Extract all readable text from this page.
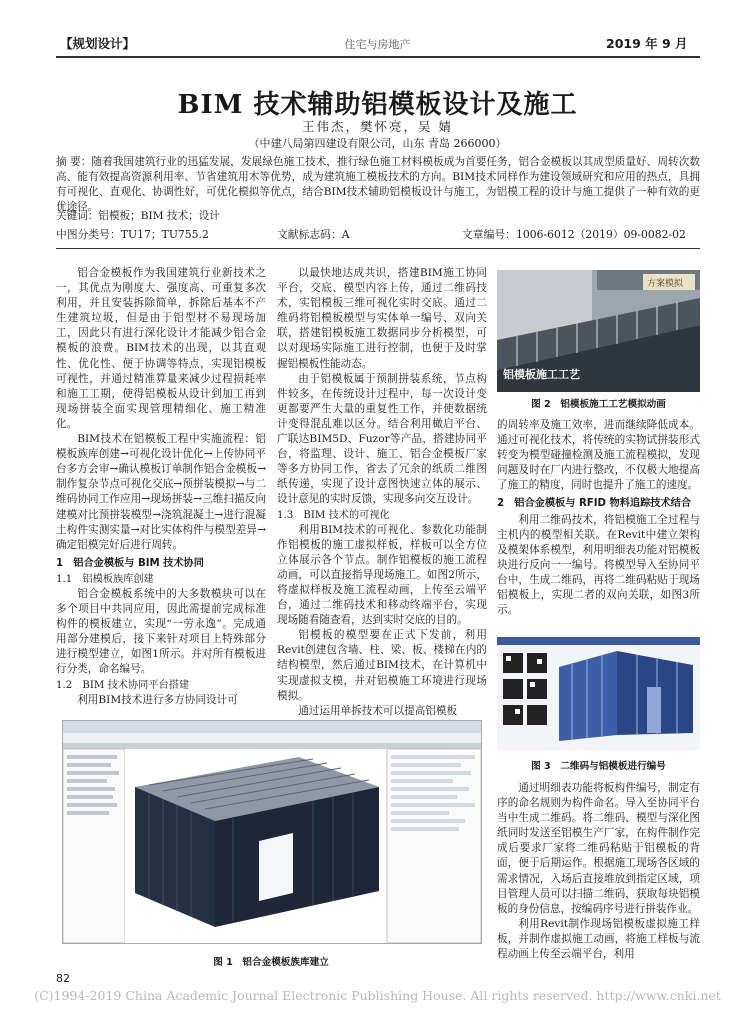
【规划设计】	住宅与房地产	2019 年 9 月
BIM 技术辅助铝模板设计及施工
王伟杰，樊怀亮，吴 婧
（中建八局第四建设有限公司，山东 青岛 266000）
摘 要：随着我国建筑行业的迅猛发展，发展绿色施工技术，推行绿色施工材料模板成为首要任务，铝合金模板以其成型质量好、周转次数高、能有效提高资源利用率、节省建筑用木等优势，成为建筑施工模板技术的方向。BIM技术同样作为建设领域研究和应用的热点，具拥有可视化、直观化、协调性好，可优化模拟等优点，结合BIM技术辅助铝模板设计与施工，为铝模工程的设计与施工提供了一种有效的更优途径。
关键词：铝模板；BIM 技术；设计
中图分类号：TU17；TU755.2	文献标志码：A	文章编号：1006-6012（2019）09-0082-02

铝合金模板作为我国建筑行业新技术之一，其优点为刚度大、强度高、可重复多次利用，并且安装拆除简单，拆除后基本不产生建筑垃圾，但是由于铝型材不易现场加工，因此只有进行深化设计才能减少铝合金模板的浪费。BIM技术的出现，以其直观性、优化性、便于协调等特点，实现铝模板可视性，并通过精准算量来减少过程损耗率和施工工期，使得铝模板从设计到加工再到现场拼装全面实现管理精细化、施工精准化。

BIM技术在铝模板工程中实施流程：铝模板族库创建→可视化设计优化→上传协同平台多方会审→确认模板订单制作铝合金模板→制作复杂节点可视化交底→预拼装模拟→与二维码协同工作应用→现场拼装→三维扫描反向建模对比预拼装模型→浇筑混凝土→进行混凝土构件实测实量→对比实体构件与模型差异→确定铝模完好后进行周转。

1　铝合金模板与 BIM 技术协同

1.1　铝模板族库创建

铝合金模板系统中的大多数模块可以在多个项目中共同应用，因此需提前完成标准构件的模板建立，实现“一劳永逸”。完成通用部分建模后，接下来针对项目上特殊部分进行模型建立，如图1所示。并对所有模板进行分类，命名编号。

1.2　BIM 技术协同平台搭建

利用BIM技术进行多方协同设计可

以最快地达成共识，搭建BIM施工协同平台，交底、模型内容上传，通过二维码技术，实铝模板三维可视化实时交底。通过二维码将铝模板模型与实体单一编号、双向关联，搭建铝模板施工数据同步分析模型，可以对现场实际施工进行控制，也便于及时掌握铝模板性能动态。

由于铝模板属于预制拼装系统，节点构件较多，在传统设计过程中，每一次设计变更都要严生大量的重复性工作，并使数据统计变得混乱难以区分。结合利用橄启平台、广联达BIM5D、Fuzor等产品，搭建协同平台，将监理、设计、施工、铝合金模板厂家等多方协同工作，省去了冗余的纸质二维图纸传递，实现了设计意图快速立体的展示、设计意见的实时反馈，实现多向交互设计。

1.3　BIM 技术的可视化

利用BIM技术的可视化、参数化功能制作铝模板的施工虚拟样板，样板可以全方位立体展示各个节点。制作铝模板的施工流程动画，可以直接指导现场施工。如图2所示，将虚拟样板及施工流程动画，上传至云端平台，通过二维码技术和移动终端平台，实现现场随看随查看，达到实时交底的目的。

铝模板的模型要在正式下发前，利用Revit创建包含墙、柱、梁、板、楼梯在内的结构模型，然后通过BIM技术，在计算机中实现虚拟支模，并对铝模施工环境进行现场模拟。

通过运用单拆技术可以提高铝模板

方案模拟
铝模板施工工艺
图 2　铝模板施工工艺模拟动画

的周转率及施工效率，进而继续降低成本。通过可视化技术，将传统的实物试拼装形式转变为模型碰撞检测及施工流程模拟，发现问题及时在厂内进行整改，不仅极大地提高了施工的精度，同时也提升了施工的速度。

2　铝合金模板与 RFID 物料追踪技术结合

利用二维码技术，将铝模施工全过程与主机内的模型相关联。在Revit中建立架构及模架体系模型，利用明细表功能对铝模板块进行反向一一编号。将模型导入至协同平台中，生成二维码，再将二维码粘贴于现场铝模板上，实现二者的双向关联，如图3所示。

图 3　二维码与铝模板进行编号

通过明细表功能将板构件编号，制定有序的命名规则为构件命名。导入至协同平台当中生成二维码。将二维码、模型与深化图纸同时发送至铝模生产厂家，在构件制作完成后要求厂家将二维码粘贴于铝模板的背面，便于后期运作。根据施工现场各区域的需求情况，入场后直接堆放到指定区域，项目管理人员可以扫描二维码，获取每块铝模板的身份信息，按编码序号进行拼装作业。

利用Revit制作现场铝模板虚拟施工样板，并制作虚拟施工动画，将施工样板与流程动画上传至云端平台，利用

图 1　铝合金模板族库建立
82
(C)1994-2019 China Academic Journal Electronic Publishing House. All rights reserved. http://www.cnki.net
